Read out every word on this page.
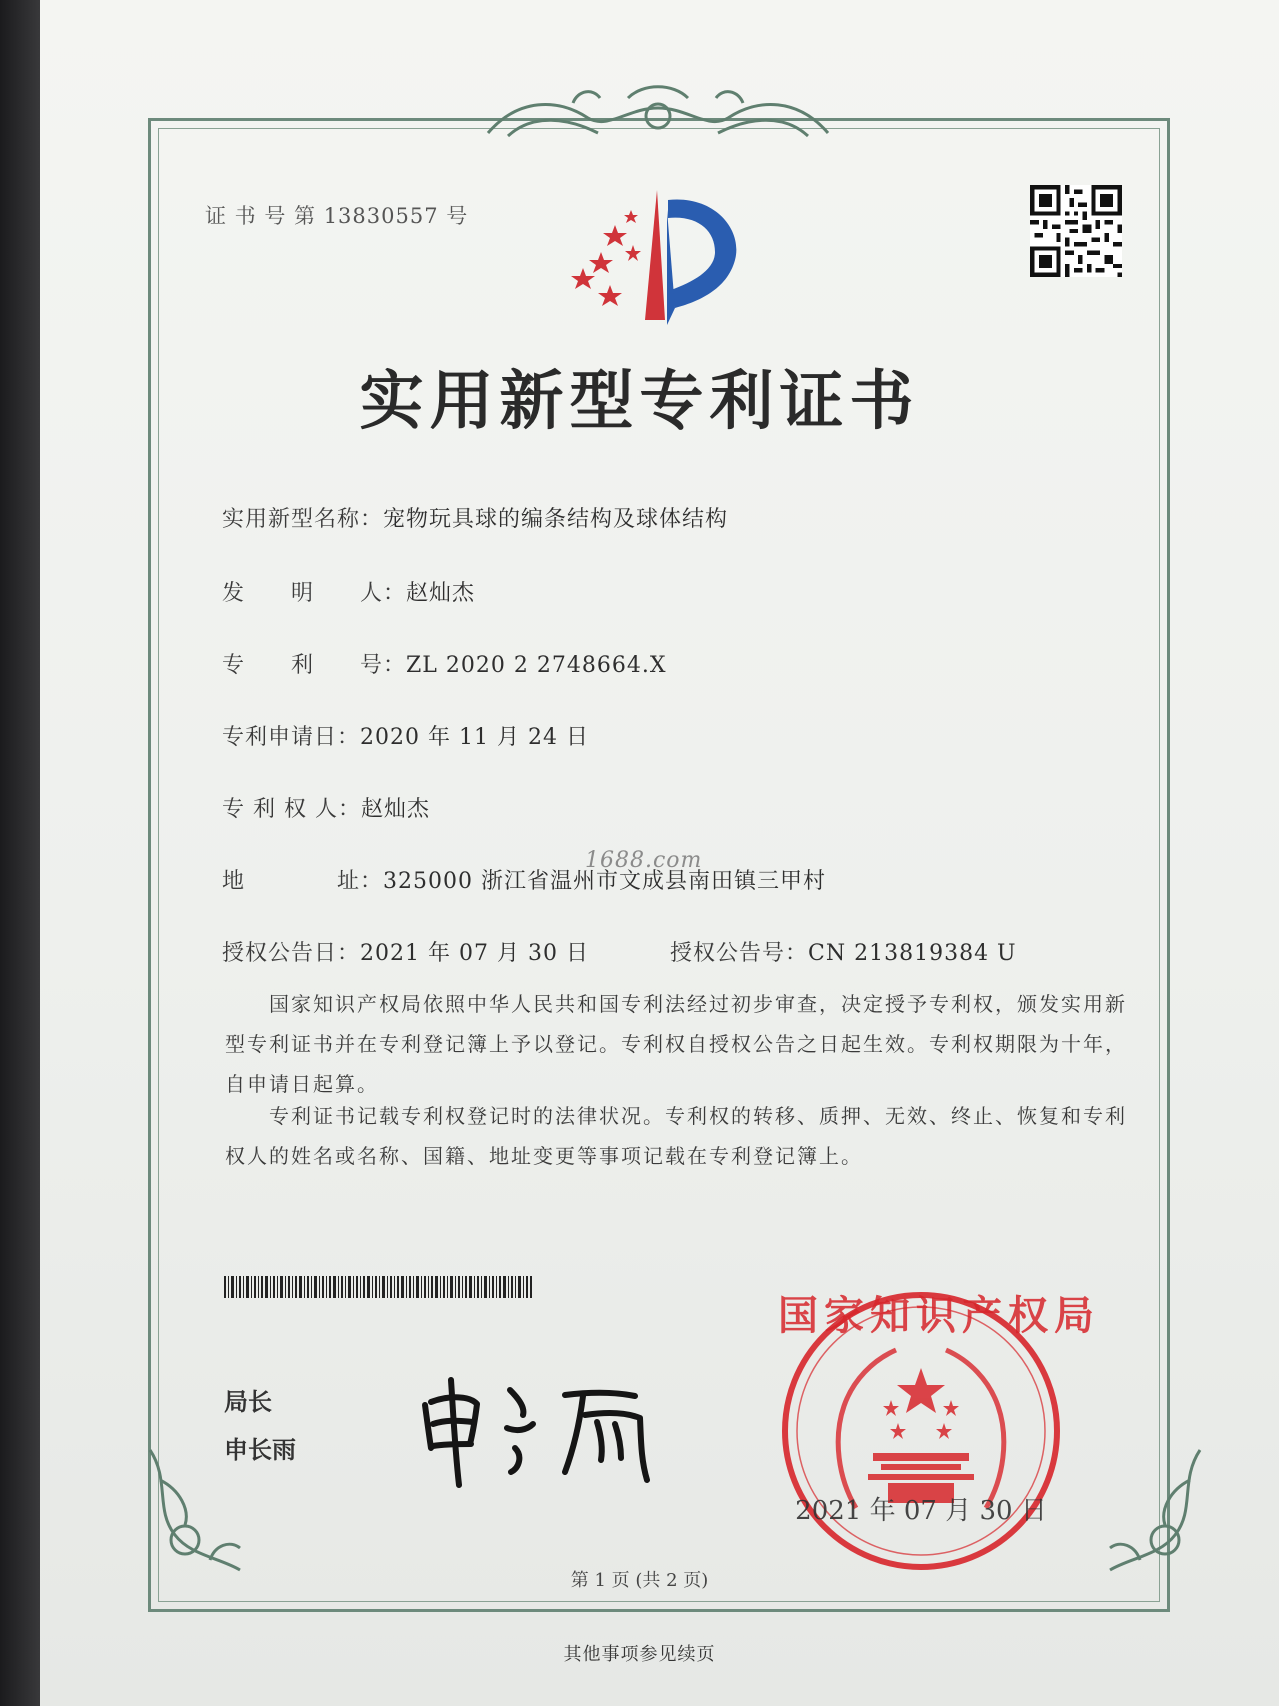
证 书 号 第 13830557 号
实用新型专利证书
实用新型名称：宠物玩具球的编条结构及球体结构
发　　明　　人：赵灿杰
专　　利　　号：ZL 2020 2 2748664.X
专利申请日：2020 年 11 月 24 日
专 利 权 人：赵灿杰
地　　　　址：325000 浙江省温州市文成县南田镇三甲村
授权公告日：2021 年 07 月 30 日	授权公告号：CN 213819384 U
1688.com
　　国家知识产权局依照中华人民共和国专利法经过初步审查，决定授予专利权，颁发实用新型专利证书并在专利登记簿上予以登记。专利权自授权公告之日起生效。专利权期限为十年，自申请日起算。
　　专利证书记载专利权登记时的法律状况。专利权的转移、质押、无效、终止、恢复和专利权人的姓名或名称、国籍、地址变更等事项记载在专利登记簿上。
局长
申长雨
国家知识产权局
2021 年 07 月 30 日
第 1 页 (共 2 页)
其他事项参见续页
